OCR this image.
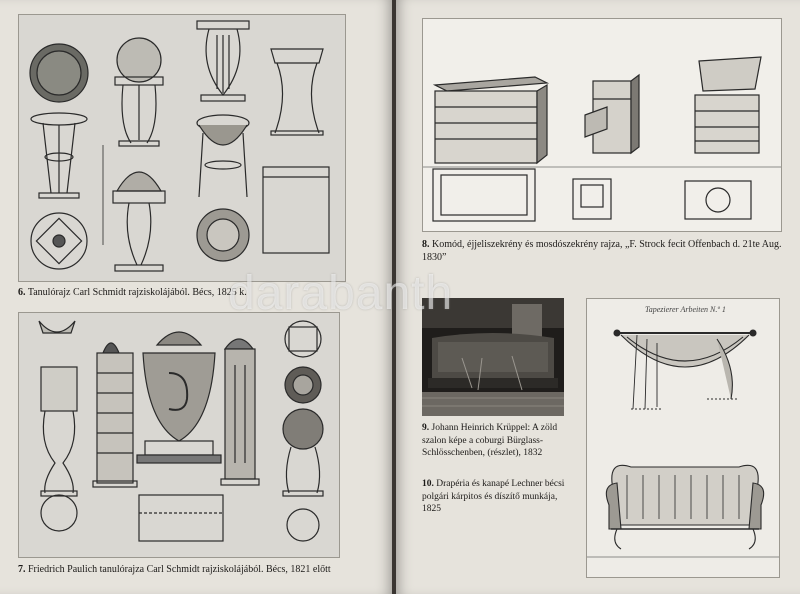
6. Tanulórajz Carl Schmidt rajziskolájából. Bécs, 1825 k.
7. Friedrich Paulich tanulórajza Carl Schmidt rajziskolájából. Bécs, 1821 előtt
8. Komód, éjjeliszekrény és mosdószekrény rajza, „F. Strock fecit Offenbach d. 21te Aug. 1830”
9. Johann Heinrich Krüppel: A zöld szalon képe a coburgi Bürglass-Schlösschenben, (részlet), 1832
10. Drapéria és kanapé Lechner bécsi polgári kárpitos és díszítő munkája, 1825
Tapezierer Arbeiten N.º 1
darabanth
